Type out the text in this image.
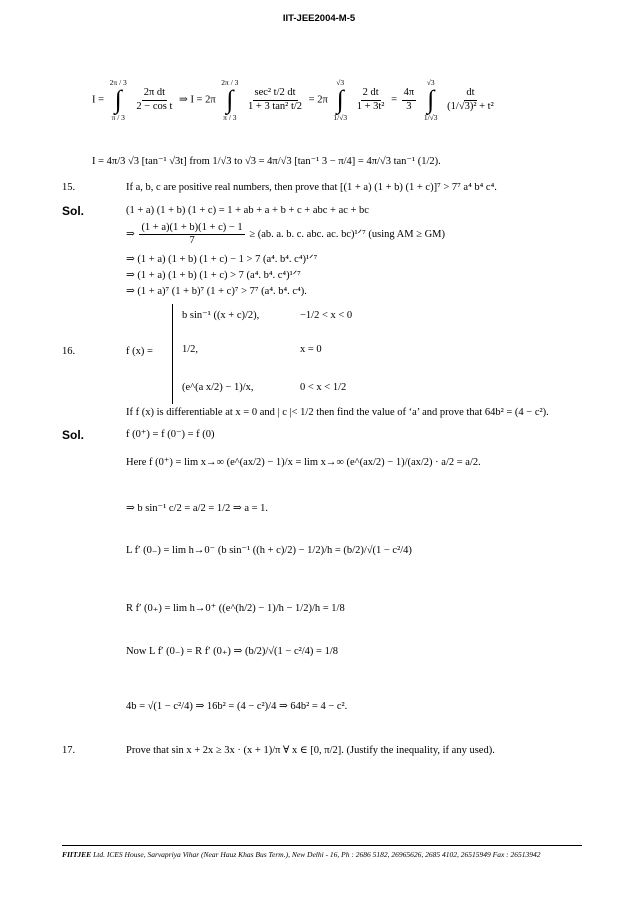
IIT-JEE2004-M-5
I =
2π / 3
∫
π / 3

$\frac{\text{2π dt}}{\text{2 − cos t}}$ ⇒ I = 2π
2π / 3
∫
π / 3

$\frac{\text{sec² t/2 dt}}{\text{1 + 3 tan² t/2}} = 2\pi$
√3
∫
1/√3

$\frac{2 dt}{\text{1 + 3t²}} = \frac{4\pi}{3}$

√3
∫
1/√3

$\frac{dt}{\text{(1/√3)² + t²}}$
I = 4π/3 √3 [tan⁻¹ √3t] from 1/√3 to √3 = 4π/√3 [tan⁻¹ 3 − π/4] = 4π/√3 tan⁻¹ (1/2).
15.	If a, b, c are positive real numbers, then prove that [(1 + a) (1 + b) (1 + c)]⁷ > 7⁷ a⁴ b⁴ c⁴.
Sol.	(1 + a) (1 + b) (1 + c) = 1 + ab + a + b + c + abc + ac + bc
⇒ $\frac{(1 + a)(1 + b)(1 + c) - 1}{7} \ge (ab$. a. b. c. abc. ac. bc)¹ᐟ⁷ (using AM ≥ GM)
⇒ (1 + a) (1 + b) (1 + c) − 1 > 7 (a⁴. b⁴. c⁴)¹ᐟ⁷
⇒ (1 + a) (1 + b) (1 + c) > 7 (a⁴. b⁴. c⁴)¹ᐟ⁷
⇒ (1 + a)⁷ (1 + b)⁷ (1 + c)⁷ > 7⁷ (a⁴. b⁴. c⁴).
16.	f (x) =
b sin⁻¹ ((x + c)/2),	−1/2 < x < 0
1/2,	x = 0
(e^(a x/2) − 1)/x,	0 < x < 1/2
If f (x) is differentiable at x = 0 and | c |< 1/2 then find the value of ‘a’ and prove that 64b² = (4 − c²).
Sol.	f (0⁺) = f (0⁻) = f (0)
Here f (0⁺) = lim x→∞ (e^(ax/2) − 1)/x = lim x→∞ (e^(ax/2) − 1)/(ax/2) · a/2 = a/2.
⇒ b sin⁻¹ c/2 = a/2 = 1/2 ⇒ a = 1.
L f′ (0₋) = lim h→0⁻ (b sin⁻¹ ((h + c)/2) − 1/2)/h = (b/2)/√(1 − c²/4)
R f′ (0₊) = lim h→0⁺ ((e^(h/2) − 1)/h − 1/2)/h = 1/8
Now L f′ (0₋) = R f′ (0₊) ⇒ (b/2)/√(1 − c²/4) = 1/8
4b = √(1 − c²/4) ⇒ 16b² = (4 − c²)/4 ⇒ 64b² = 4 − c².
17.	Prove that sin x + 2x ≥ 3x · (x + 1)/π ∀ x ∈ [0, π/2]. (Justify the inequality, if any used).
FIITJEE Ltd. ICES House, Sarvapriya Vihar (Near Hauz Khas Bus Term.), New Delhi - 16, Ph : 2686 5182, 26965626, 2685 4102, 26515949 Fax : 26513942
